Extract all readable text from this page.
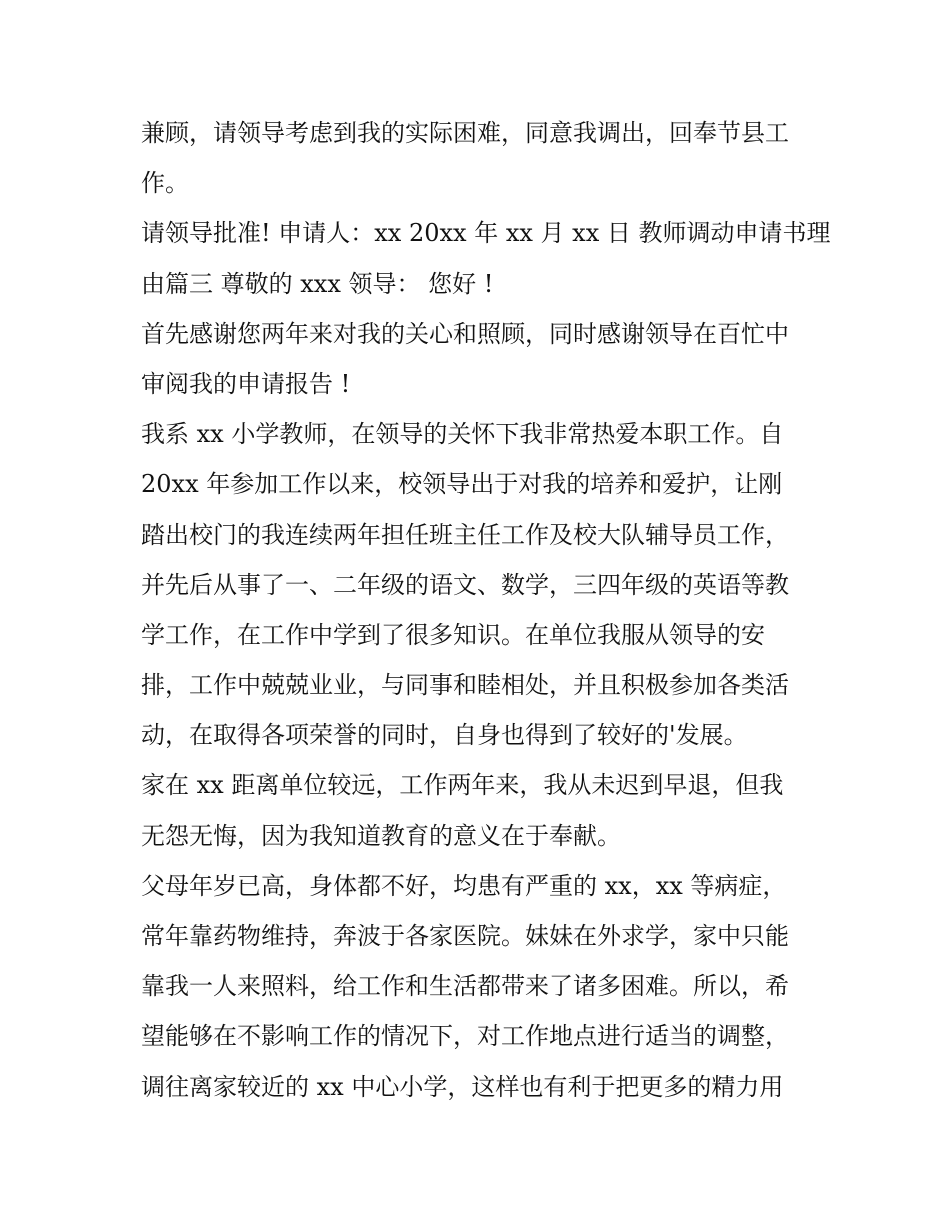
兼顾，请领导考虑到我的实际困难，同意我调出，回奉节县工
作。
请领导批准! 申请人：xx 20xx 年 xx 月 xx 日 教师调动申请书理
由篇三 尊敬的 xxx 领导： 您好 !
首先感谢您两年来对我的关心和照顾，同时感谢领导在百忙中
审阅我的申请报告 !
我系 xx 小学教师，在领导的关怀下我非常热爱本职工作。自
20xx 年参加工作以来，校领导出于对我的培养和爱护，让刚
踏出校门的我连续两年担任班主任工作及校大队辅导员工作，
并先后从事了一、二年级的语文、数学，三四年级的英语等教
学工作，在工作中学到了很多知识。在单位我服从领导的安
排，工作中兢兢业业，与同事和睦相处，并且积极参加各类活
动，在取得各项荣誉的同时，自身也得到了较好的'发展。
家在 xx 距离单位较远，工作两年来，我从未迟到早退，但我
无怨无悔，因为我知道教育的意义在于奉献。
父母年岁已高，身体都不好，均患有严重的 xx，xx 等病症，
常年靠药物维持，奔波于各家医院。妹妹在外求学，家中只能
靠我一人来照料，给工作和生活都带来了诸多困难。所以，希
望能够在不影响工作的情况下，对工作地点进行适当的调整，
调往离家较近的 xx 中心小学，这样也有利于把更多的精力用
